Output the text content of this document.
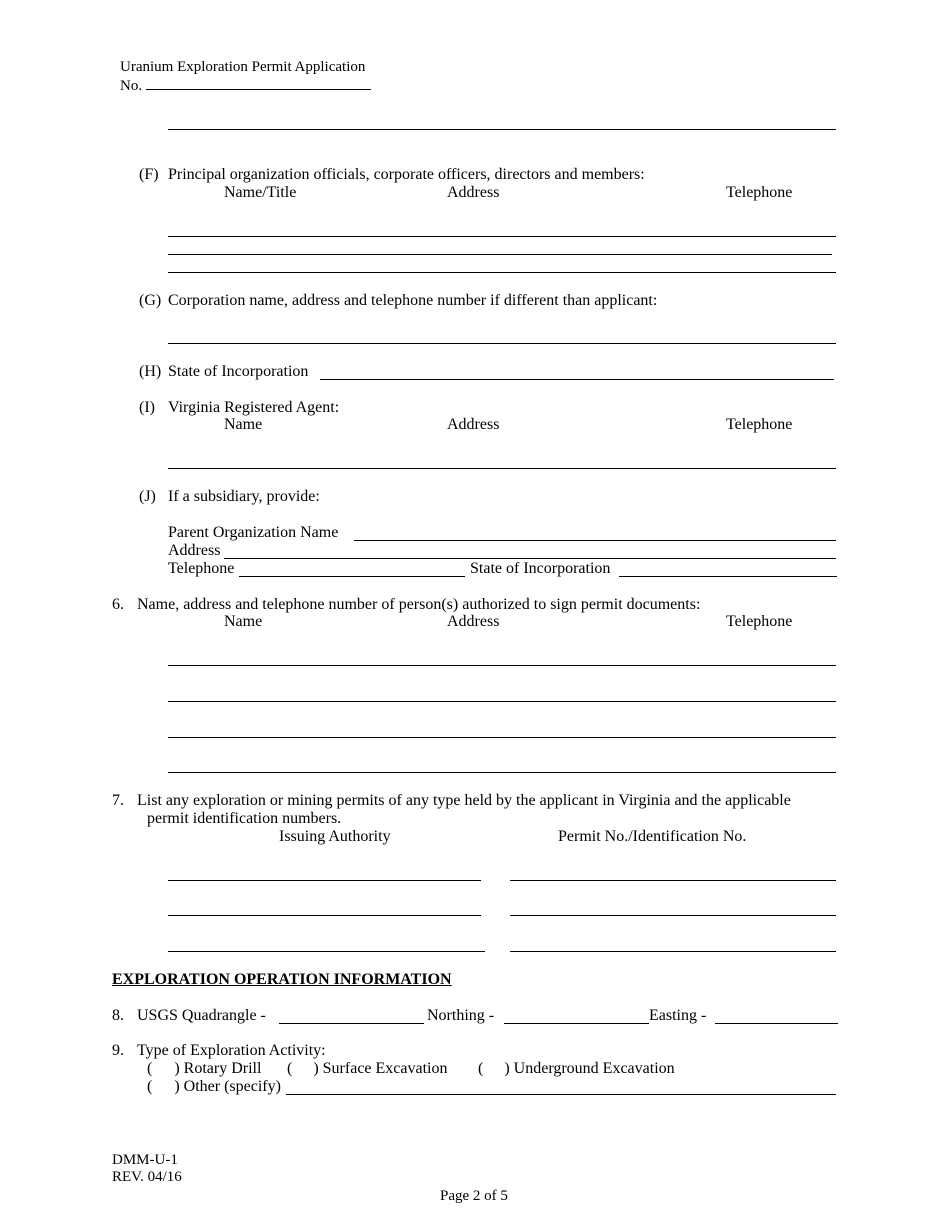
Uranium Exploration Permit Application
No.
(F) Principal organization officials, corporate officers, directors and members:
Name/Title	Address	Telephone
(G) Corporation name, address and telephone number if different than applicant:
(H) State of Incorporation
(I) Virginia Registered Agent:
Name	Address	Telephone
(J) If a subsidiary, provide:
Parent Organization Name
Address
Telephone	State of Incorporation
6. Name, address and telephone number of person(s) authorized to sign permit documents:
Name	Address	Telephone
7. List any exploration or mining permits of any type held by the applicant in Virginia and the applicable
permit identification numbers.
Issuing Authority	Permit No./Identification No.
EXPLORATION OPERATION INFORMATION
8. USGS Quadrangle -	Northing -	Easting -
9. Type of Exploration Activity:
( ) Rotary Drill ( ) Surface Excavation ( ) Underground Excavation
( ) Other (specify)
DMM-U-1
REV. 04/16
Page 2 of 5
